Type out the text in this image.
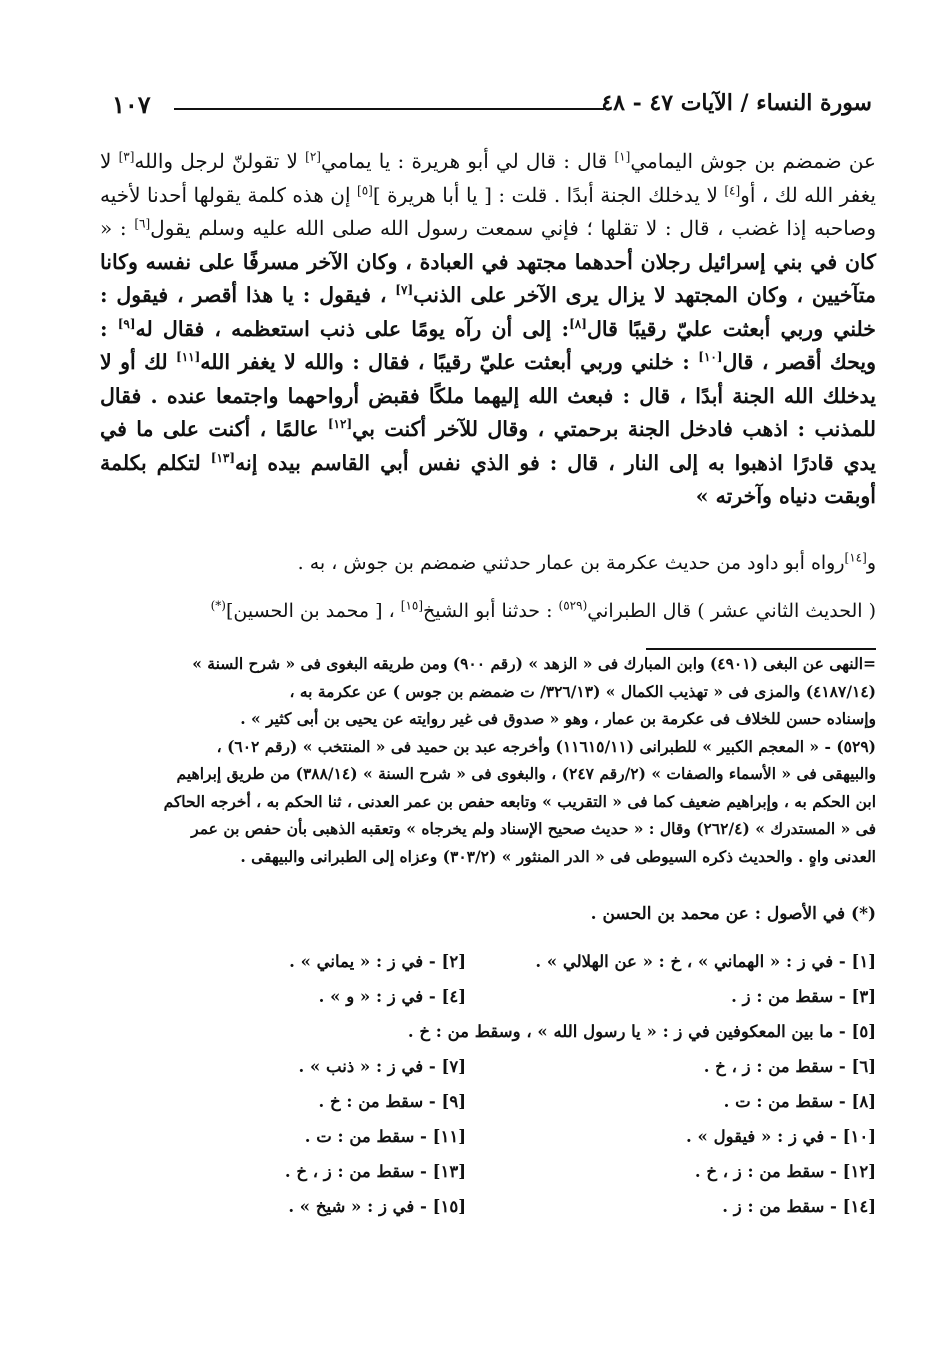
١٠٧	سورة النساء / الآيات ٤٧ - ٤٨
عن ضمضم بن جوش اليمامي[١] قال : قال لي أبو هريرة : يا يمامي[٢] لا تقولنّ لرجل والله[٣] لا يغفر الله لك ، أو[٤] لا يدخلك الجنة أبدًا . قلت : [ يا أبا هريرة ][٥] إن هذه كلمة يقولها أحدنا لأخيه وصاحبه إذا غضب ، قال : لا تقلها ؛ فإني سمعت رسول الله صلى الله عليه وسلم يقول[٦] : « كان في بني إسرائيل رجلان أحدهما مجتهد في العبادة ، وكان الآخر مسرفًا على نفسه وكانا متآخيين ، وكان المجتهد لا يزال يرى الآخر على الذنب[٧] ، فيقول : يا هذا أقصر ، فيقول : خلني وربي أبعثت عليّ رقيبًا قال[٨]: إلى أن رآه يومًا على ذنب استعظمه ، فقال له[٩] : ويحك أقصر ، قال[١٠] : خلني وربي أبعثت عليّ رقيبًا ، فقال : والله لا يغفر الله[١١] لك أو لا يدخلك الله الجنة أبدًا ، قال : فبعث الله إليهما ملكًا فقبض أرواحهما واجتمعا عنده . فقال للمذنب : اذهب فادخل الجنة برحمتي ، وقال للآخر أكنت بي[١٢] عالمًا ، أكنت على ما في يدي قادرًا اذهبوا به إلى النار ، قال : فو الذي نفس أبي القاسم بيده إنه[١٣] لتكلم بكلمة أوبقت دنياه وآخرته »
و[١٤]رواه أبو داود من حديث عكرمة بن عمار حدثني ضمضم بن جوش ، به .
( الحديث الثاني عشر ) قال الطبراني$^{(٥٢٩)}$ : حدثنا أبو الشيخ[١٥] ، [ محمد بن الحسين](*)

=النهى عن البغى (٤٩٠١) وابن المبارك فى « الزهد » (رقم ٩٠٠) ومن طريقه البغوى فى « شرح السنة »

(٤١٨٧/١٤) والمزى فى « تهذيب الكمال » (٣٢٦/١٣/ ت ضمضم بن جوس ) عن عكرمة به ،

وإسناده حسن للخلاف فى عكرمة بن عمار ، وهو « صدوق فى غير روايته عن يحيى بن أبى كثير » .

(٥٢٩) - « المعجم الكبير » للطبرانى (١١٦١٥/١١) وأخرجه عبد بن حميد فى « المنتخب » (رقم ٦٠٢) ،

والبيهقى فى « الأسماء والصفات » (٢/رقم ٢٤٧) ، والبغوى فى « شرح السنة » (٣٨٨/١٤) من طريق إبراهيم

ابن الحكم به ، وإبراهيم ضعيف كما فى « التقريب » وتابعه حفص بن عمر العدنى ، ثنا الحكم به ، أخرجه الحاكم

فى « المستدرك » (٢٦٢/٤) وقال : « حديث صحيح الإسناد ولم يخرجاه » وتعقبه الذهبى بأن حفص بن عمر

العدنى واهٍ . والحديث ذكره السيوطى فى « الدر المنثور » (٣٠٣/٢) وعزاه إلى الطبرانى والبيهقى .

(*) في الأصول : عن محمد بن الحسن .
[١] - في ز : « الهماني » ، خ : « عن الهلالي » .
[٢] - في ز : « يماني » .
[٣] - سقط من : ز .
[٤] - في ز : « و » .
[٥] - ما بين المعكوفين في ز : « يا رسول الله » ، وسقط من : خ .
[٦] - سقط من : ز ، خ .
[٧] - في ز : « ذنب » .
[٨] - سقط من : ت .
[٩] - سقط من : خ .
[١٠] - في ز : « فيقول » .
[١١] - سقط من : ت .
[١٢] - سقط من : ز ، خ .
[١٣] - سقط من : ز ، خ .
[١٤] - سقط من : ز .
[١٥] - في ز : « شيخ » .
